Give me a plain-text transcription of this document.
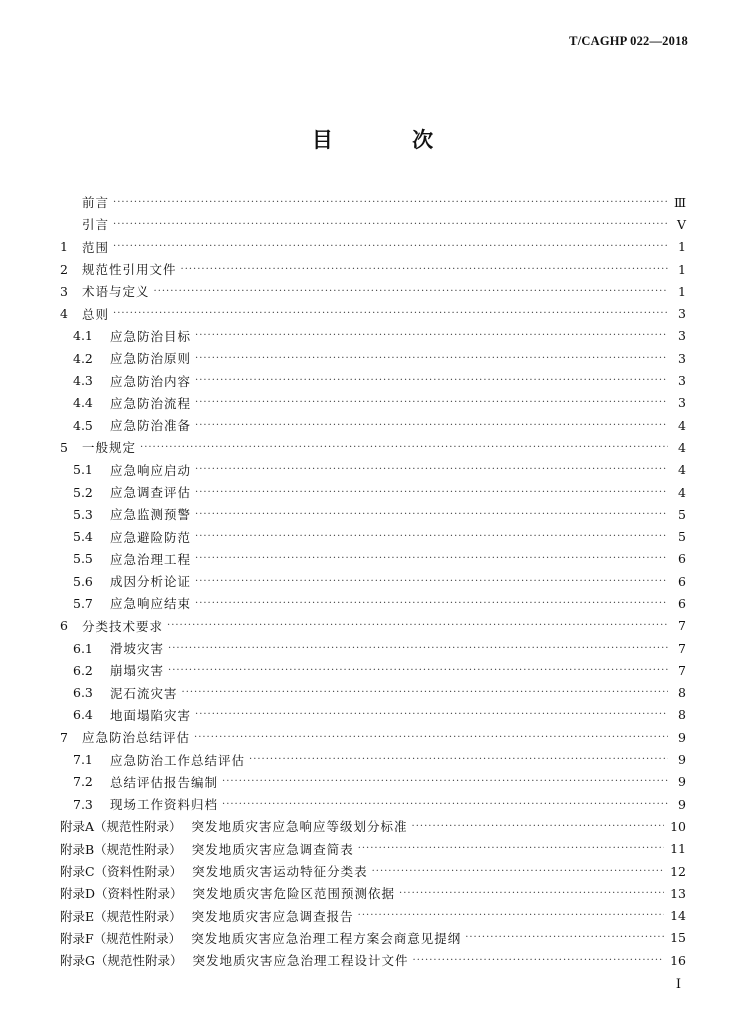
T/CAGHP 022—2018
目 次
前言 ·····	Ⅲ
引言 ·····	Ⅴ
1	范围 ·····	1
2	规范性引用文件 ·····	1
3	术语与定义 ·····	1
4	总则 ·····	3
4.1	应急防治目标 ·····	3
4.2	应急防治原则 ·····	3
4.3	应急防治内容 ·····	3
4.4	应急防治流程 ·····	3
4.5	应急防治准备 ·····	4
5	一般规定 ·····	4
5.1	应急响应启动 ·····	4
5.2	应急调查评估 ·····	4
5.3	应急监测预警 ·····	5
5.4	应急避险防范 ·····	5
5.5	应急治理工程 ·····	6
5.6	成因分析论证 ·····	6
5.7	应急响应结束 ·····	6
6	分类技术要求 ·····	7
6.1	滑坡灾害 ·····	7
6.2	崩塌灾害 ·····	7
6.3	泥石流灾害 ·····	8
6.4	地面塌陷灾害 ·····	8
7	应急防治总结评估 ·····	9
7.1	应急防治工作总结评估 ·····	9
7.2	总结评估报告编制 ·····	9
7.3	现场工作资料归档 ·····	9
附录A（规范性附录） 突发地质灾害应急响应等级划分标准 ·····	10
附录B（规范性附录） 突发地质灾害应急调查简表 ·····	11
附录C（资料性附录） 突发地质灾害运动特征分类表 ·····	12
附录D（资料性附录） 突发地质灾害危险区范围预测依据 ·····	13
附录E（规范性附录） 突发地质灾害应急调查报告 ·····	14
附录F（规范性附录） 突发地质灾害应急治理工程方案会商意见提纲 ·····	15
附录G（规范性附录） 突发地质灾害应急治理工程设计文件 ·····	16
I
